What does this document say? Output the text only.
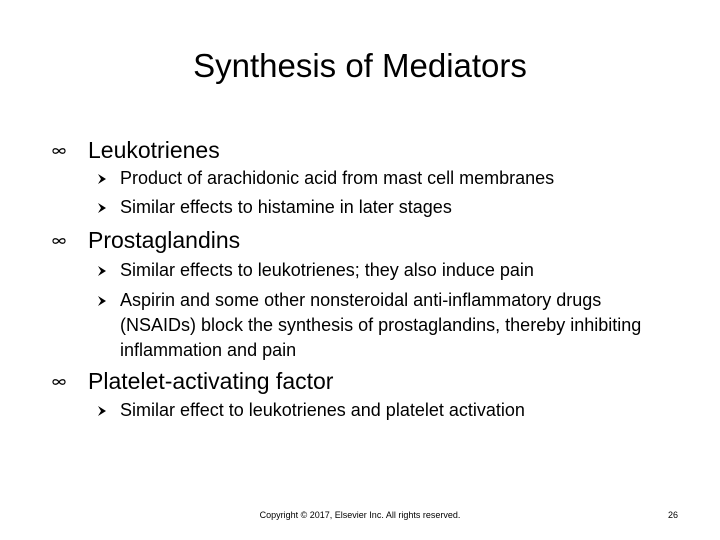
Synthesis of Mediators
Leukotrienes
Product of arachidonic acid from mast cell membranes
Similar effects to histamine in later stages
Prostaglandins
Similar effects to leukotrienes; they also induce pain
Aspirin and some other nonsteroidal anti-inflammatory drugs (NSAIDs) block the synthesis of prostaglandins, thereby inhibiting inflammation and pain
Platelet-activating factor
Similar effect to leukotrienes and platelet activation
Copyright © 2017, Elsevier Inc. All rights reserved.	26
